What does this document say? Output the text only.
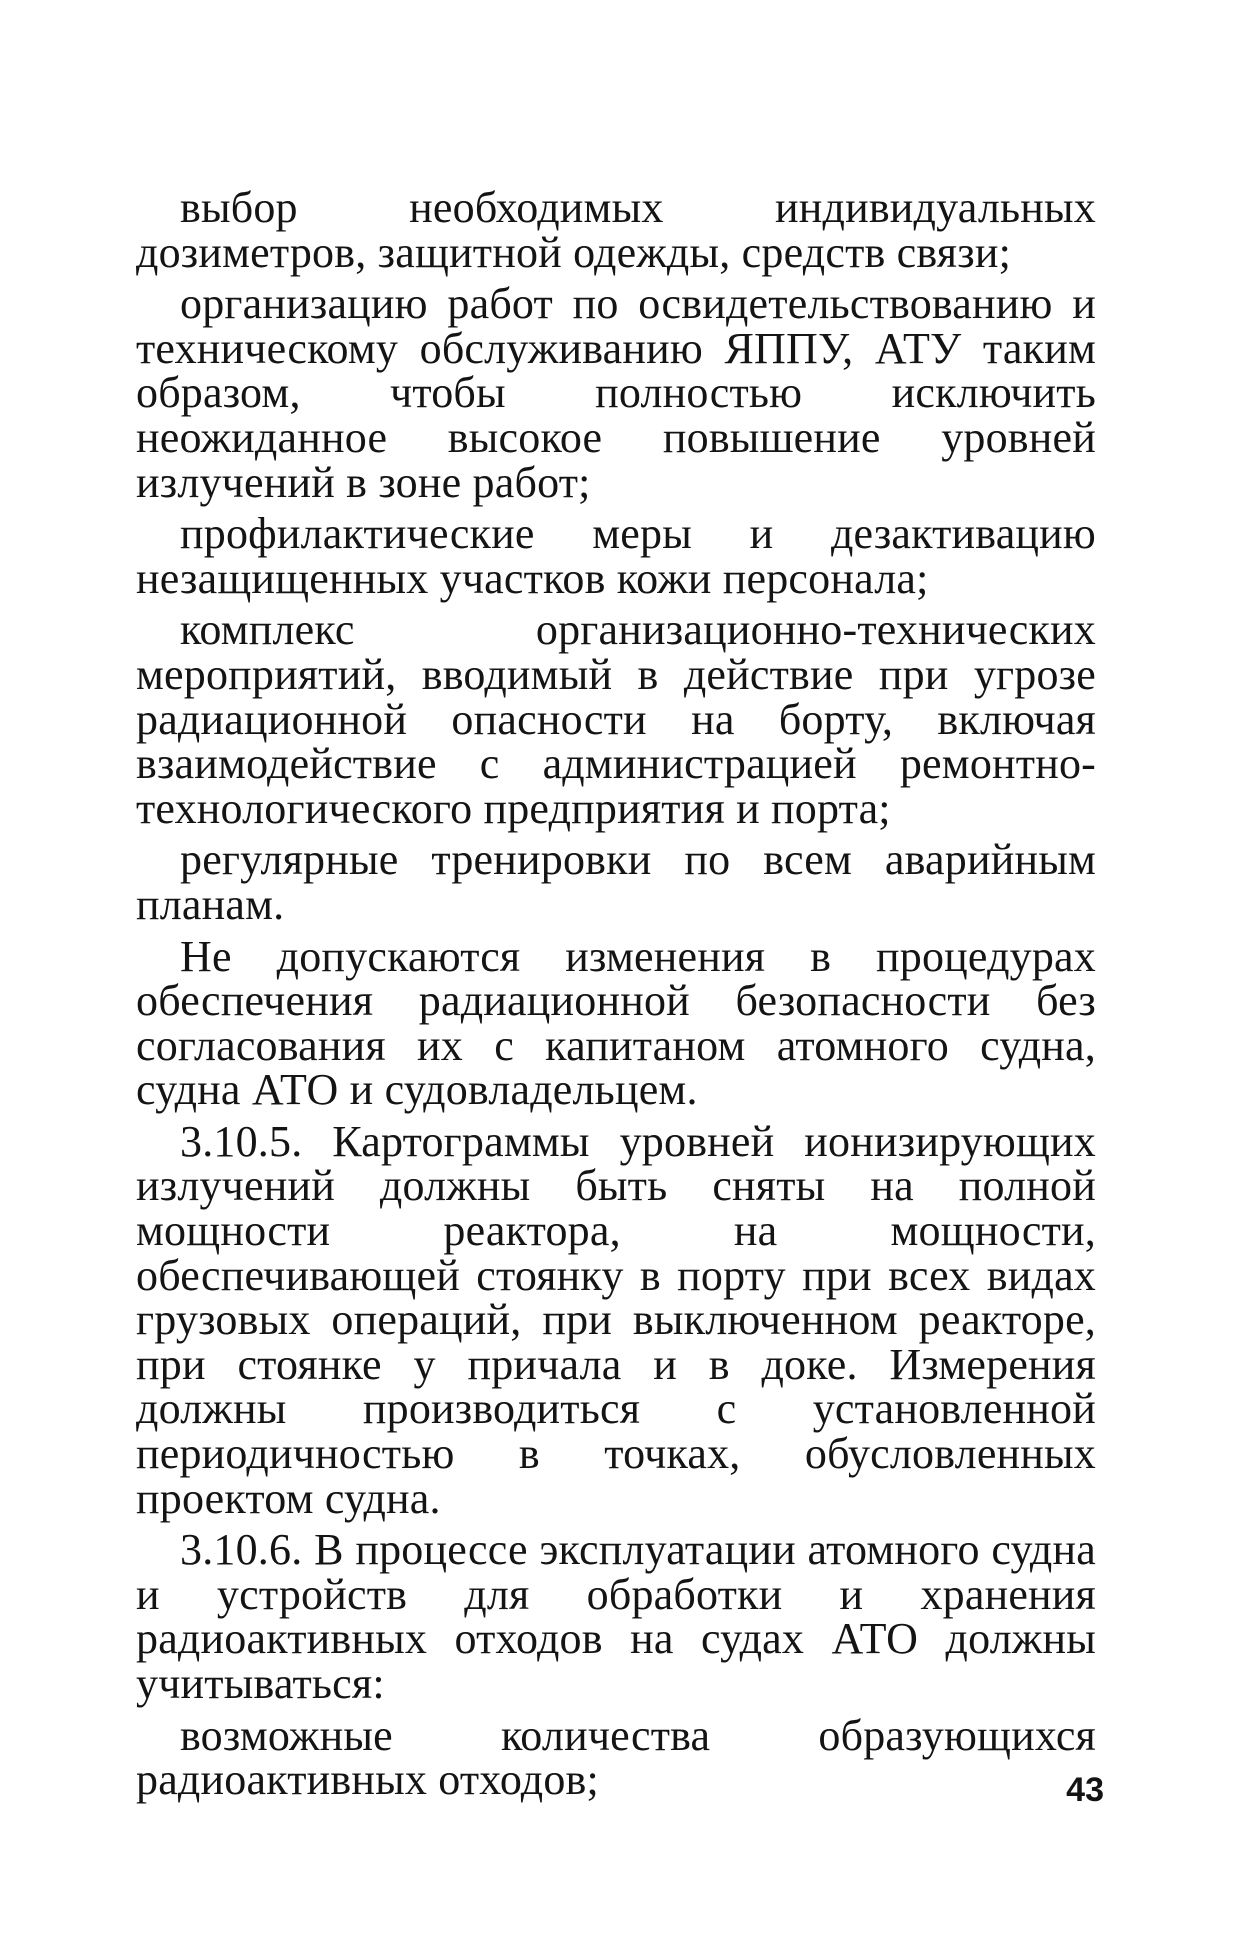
выбор необходимых индивидуальных дозиметров, защитной одежды, средств связи;

организацию работ по освидетельствованию и техническому обслуживанию ЯППУ, АТУ таким образом, чтобы полностью исключить неожиданное высокое повышение уровней излучений в зоне работ;

профилактические меры и дезактивацию незащищенных участков кожи персонала;

комплекс организационно-технических мероприятий, вводимый в действие при угрозе радиационной опасности на борту, включая взаимодействие с администрацией ремонтно-технологического предприятия и порта;

регулярные тренировки по всем аварийным планам.

Не допускаются изменения в процедурах обеспечения радиационной безопасности без согласования их с капитаном атомного судна, судна АТО и судовладельцем.

3.10.5. Картограммы уровней ионизирующих излучений должны быть сняты на полной мощности реактора, на мощности, обеспечивающей стоянку в порту при всех видах грузовых операций, при выключенном реакторе, при стоянке у причала и в доке. Измерения должны производиться с установленной периодичностью в точках, обусловленных проектом судна.

3.10.6. В процессе эксплуатации атомного судна и устройств для обработки и хранения радиоактивных отходов на судах АТО должны учитываться:

возможные количества образующихся радиоактивных отходов;	43
